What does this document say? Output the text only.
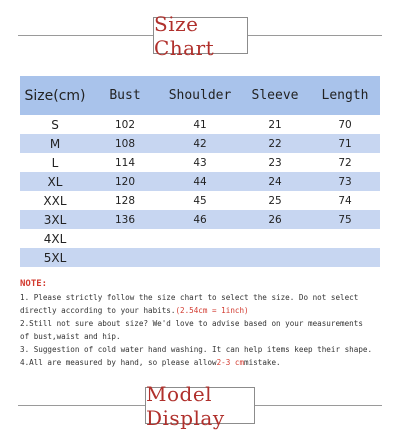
Size Chart
Size(cm)	Bust	Shoulder	Sleeve	Length
S	102	41	21	70
M	108	42	22	71
L	114	43	23	72
XL	120	44	24	73
XXL	128	45	25	74
3XL	136	46	26	75
4XL
5XL
NOTE:
1. Please strictly follow the size chart to select the size. Do not select
directly according to your habits.(2.54cm = 1inch)
2.Still not sure about size? We'd love to advise based on your measurements
of bust,waist and hip.
3. Suggestion of cold water hand washing. It can help items keep their shape.
4.All are measured by hand, so please allow2-3 cmmistake.
Model Display
